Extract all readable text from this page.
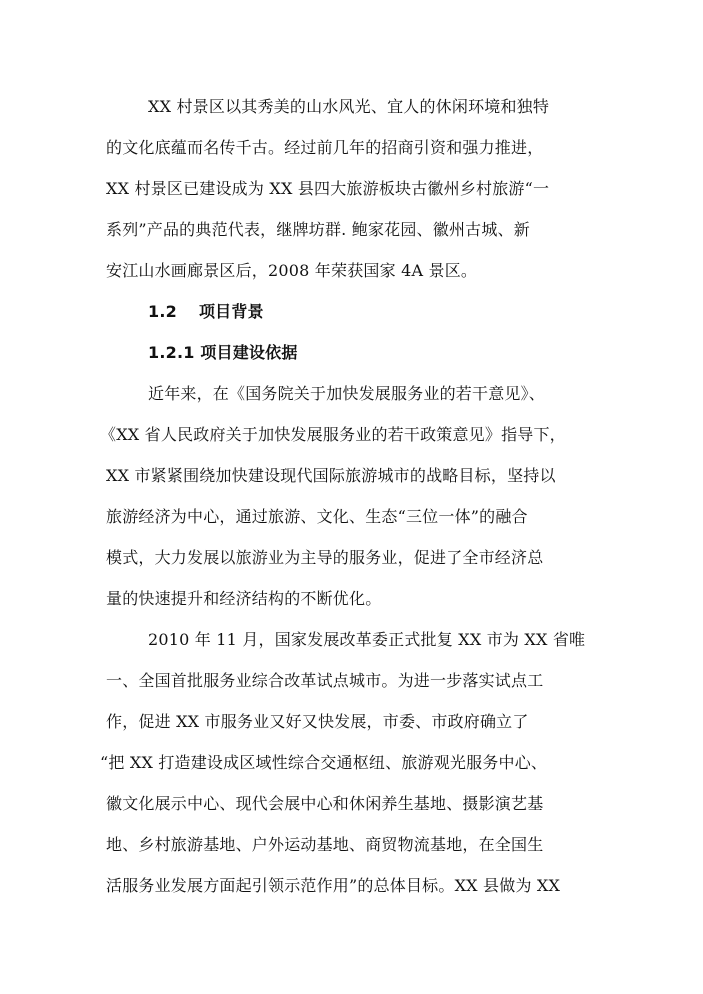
XX 村景区以其秀美的山水风光、宜人的休闲环境和独特
的文化底蕴而名传千古。经过前几年的招商引资和强力推进，
XX 村景区已建设成为 XX 县四大旅游板块古徽州乡村旅游“一
系列”产品的典范代表，继牌坊群. 鲍家花园、徽州古城、新
安江山水画廊景区后，2008 年荣获国家 4A 景区。
1.2 项目背景
1.2.1 项目建设依据
近年来，在《国务院关于加快发展服务业的若干意见》、
《XX 省人民政府关于加快发展服务业的若干政策意见》指导下，
XX 市紧紧围绕加快建设现代国际旅游城市的战略目标，坚持以
旅游经济为中心，通过旅游、文化、生态“三位一体”的融合
模式，大力发展以旅游业为主导的服务业，促进了全市经济总
量的快速提升和经济结构的不断优化。
2010 年 11 月，国家发展改革委正式批复 XX 市为 XX 省唯
一、全国首批服务业综合改革试点城市。为进一步落实试点工
作，促进 XX 市服务业又好又快发展，市委、市政府确立了
“把 XX 打造建设成区域性综合交通枢纽、旅游观光服务中心、
徽文化展示中心、现代会展中心和休闲养生基地、摄影演艺基
地、乡村旅游基地、户外运动基地、商贸物流基地，在全国生
活服务业发展方面起引领示范作用”的总体目标。XX 县做为 XX
